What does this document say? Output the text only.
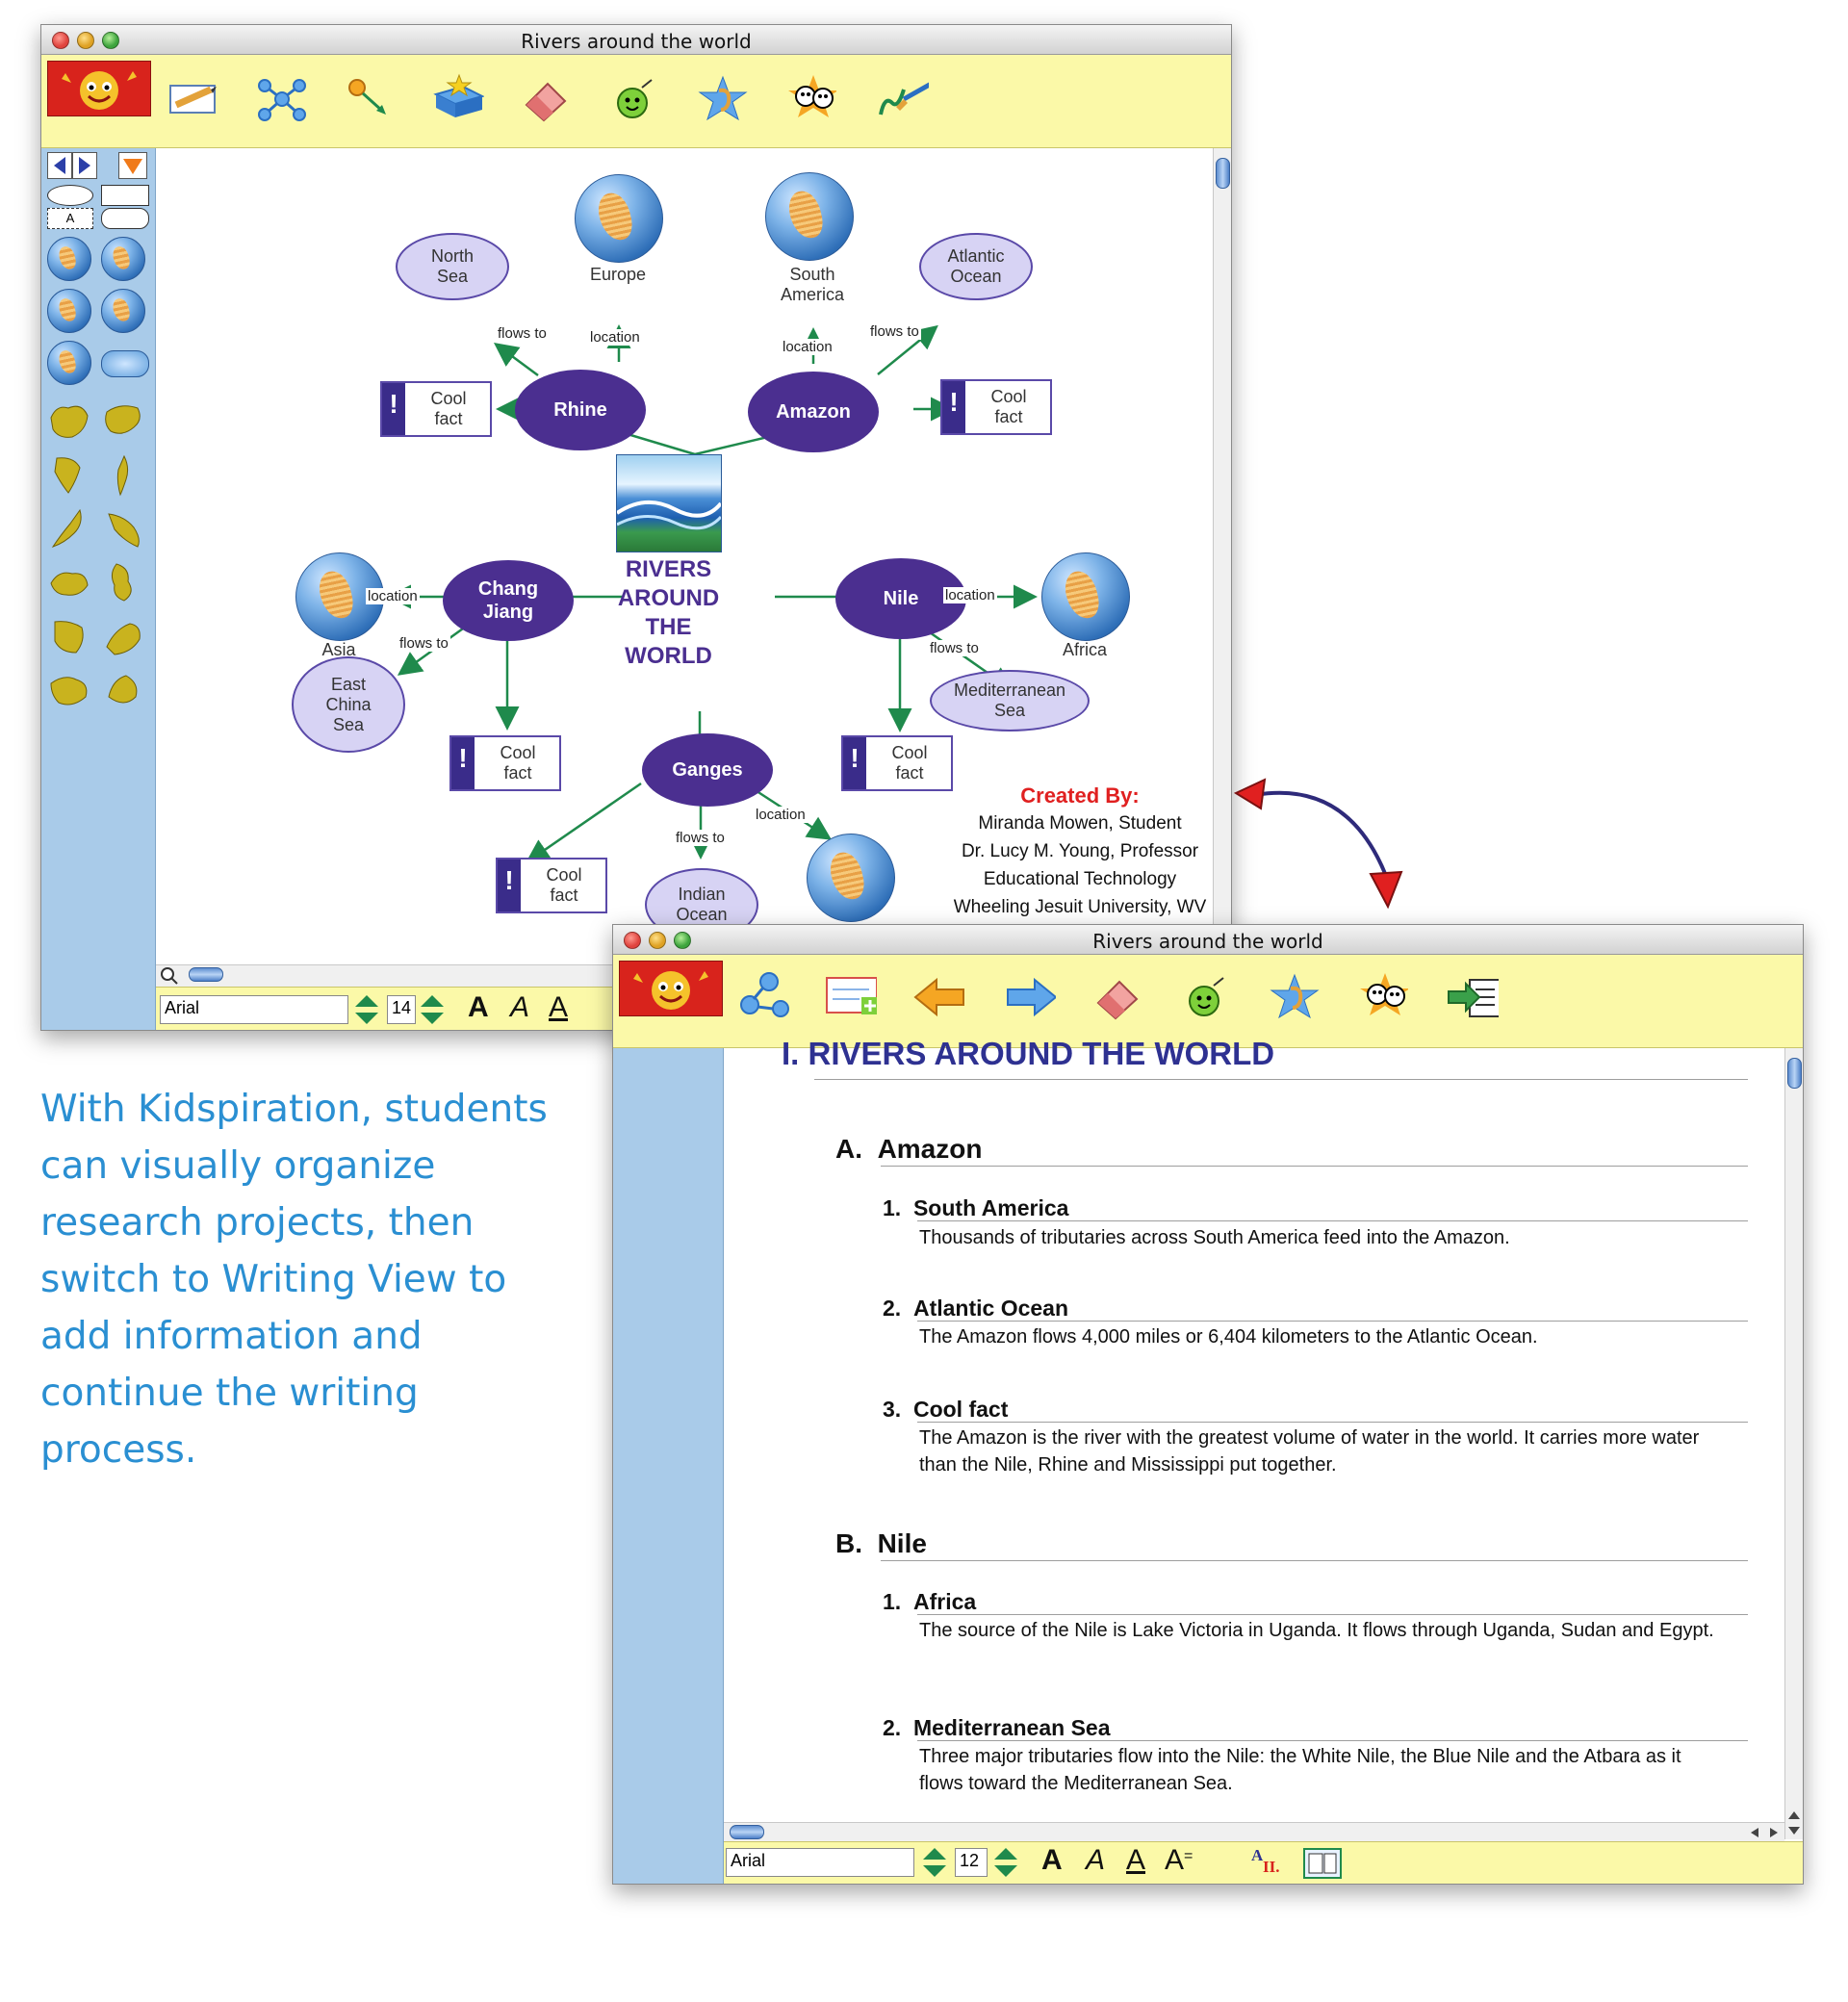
Rivers around the world
A
RIVERS
AROUND
THE
WORLD
Rhine	Amazon
Chang Jiang
Nile
Ganges
North Sea
Atlantic Ocean
East China Sea
Mediterranean Sea
Indian Ocean
Europe	South America
Asia	Africa
!	Cool fact
!	Cool fact
!	Cool fact	!	Cool fact
!	Cool fact
flows to	location
location
flows to
location
flows to
location
flows to
flows to
location
Created By:
Miranda Mowen, Student
Dr. Lucy M. Young, Professor
Educational Technology
Wheeling Jesuit University, WV
Arial	14 A A A
With Kidspiration, students can visually organize research projects, then switch to Writing View to add information and continue the writing process.
Rivers around the world
Arial	12 A A A A=	A
II.
I. RIVERS AROUND THE WORLD
A. Amazon
1. South America
Thousands of tributaries across South America feed into the Amazon.
2. Atlantic Ocean
The Amazon flows 4,000 miles or 6,404 kilometers to the Atlantic Ocean.
3. Cool fact
The Amazon is the river with the greatest volume of water in the world. It carries more water than the Nile, Rhine and Mississippi put together.
B. Nile
1. Africa
The source of the Nile is Lake Victoria in Uganda. It flows through Uganda, Sudan and Egypt.
2. Mediterranean Sea
Three major tributaries flow into the Nile: the White Nile, the Blue Nile and the Atbara as it flows toward the Mediterranean Sea.
